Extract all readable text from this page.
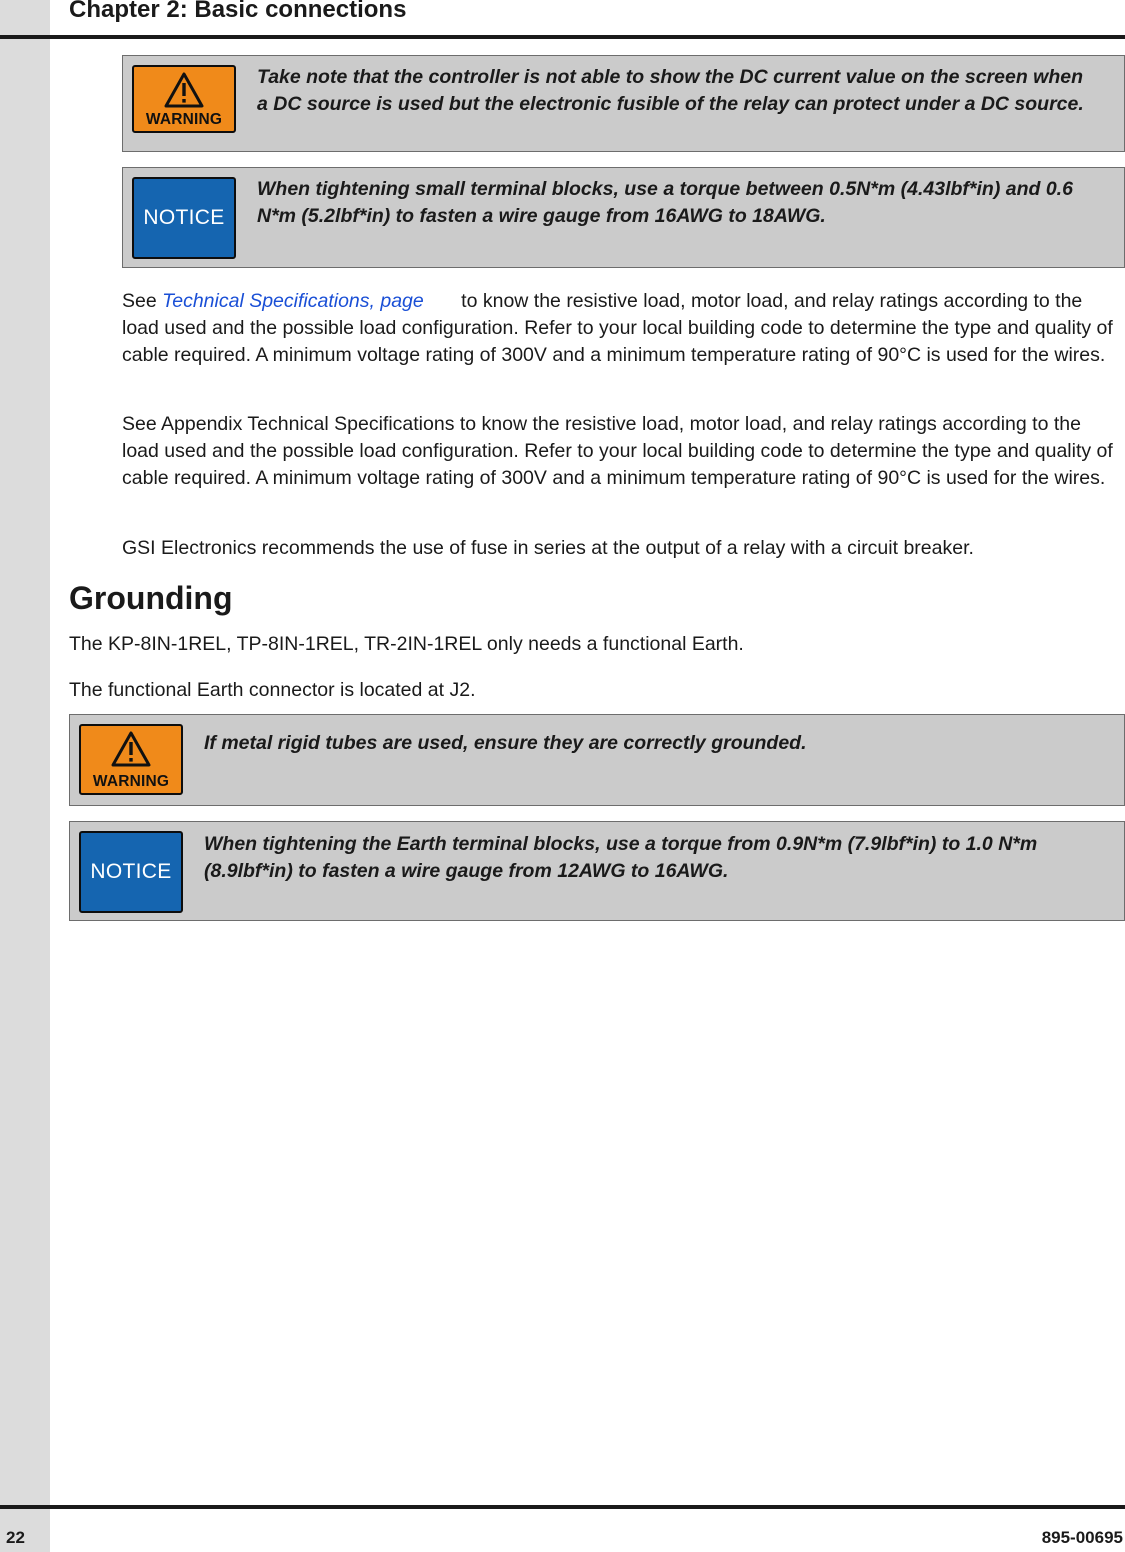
Chapter 2: Basic connections
WARNING
Take note that the controller is not able to show the DC current value on the screen when a DC source is used but the electronic fusible of the relay can protect under a DC source.
NOTICE
When tightening small terminal blocks, use a torque between 0.5N*m (4.43lbf*in) and 0.6 N*m (5.2lbf*in) to fasten a wire gauge from 16AWG to 18AWG.
See Technical Specifications, page to know the resistive load, motor load, and relay ratings according to the load used and the possible load configuration. Refer to your local building code to determine the type and quality of cable required. A minimum voltage rating of 300V and a minimum temperature rating of 90°C is used for the wires.
See Appendix Technical Specifications to know the resistive load, motor load, and relay ratings according to the load used and the possible load configuration. Refer to your local building code to determine the type and quality of cable required. A minimum voltage rating of 300V and a minimum temperature rating of 90°C is used for the wires.
GSI Electronics recommends the use of fuse in series at the output of a relay with a circuit breaker.
Grounding
The KP-8IN-1REL, TP-8IN-1REL, TR-2IN-1REL only needs a functional Earth.
The functional Earth connector is located at J2.
WARNING
If metal rigid tubes are used, ensure they are correctly grounded.
NOTICE
When tightening the Earth terminal blocks, use a torque from 0.9N*m (7.9lbf*in) to 1.0 N*m (8.9lbf*in) to fasten a wire gauge from 12AWG to 16AWG.
22	895-00695
